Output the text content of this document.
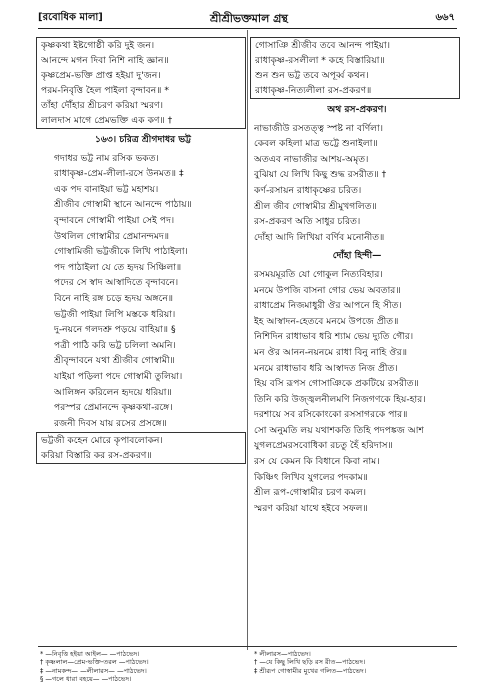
[রবোধিক মালা]	শ্রীশ্রীভক্তমাল গ্রন্থ	৬৬৭
কৃষ্ণকথা ইষ্টগোষ্ঠী করি দুই জন।
আনন্দে মগন দিবা নিশি নাহি জ্ঞান॥
কৃষ্ণপ্রেম-ভক্তি প্রাপ্ত হইয়া দু'জন।
পরম-নিবৃত্তি হৈল পাইলা বৃন্দাবন॥ *
তাঁহা দৌঁহার শ্রীচরণ করিয়া স্মরণ।
লালদাস মাগে প্রেমভক্তি এক কণ॥ †
১৬৩। চরিত্র শ্রীগদাধর ভট্ট
গদাধর ভট্ট নাম রসিক ভকত।
রাধাকৃষ্ণ-প্রেম-লীলা-রসে উনমত॥ ‡
এক পদ বানাইয়া ভট্ট মহাশয়।
শ্রীজীব গোস্বামী স্থানে আনন্দে পাঠায়॥
বৃন্দাবনে গোস্বামী পাইয়া সেই পদ।
উথলিল গোস্বামীর প্রেমানন্দমদ॥
গোস্বামিজী ভট্টজীকে লিখি পাঠাইলা।
পদ পাঠাইলা যে তে হৃদয় সিঞ্চিলা॥
পদের সে স্বাদ আস্বাদিতে বৃন্দাবনে।
বিনে নাহি রঙ্গ চড়ে হৃদয় অঙ্গনে॥
ভট্টজী পাইয়া লিপি মস্তকে ধরিয়া।
দু-নয়নে গলদশ্রু পড়য়ে বাহিয়া॥ §
পত্রী পাঠি করি ভট্ট চলিলা অমনি।
শ্রীবৃন্দাবনে যথা শ্রীজীব গোস্বামী॥
যাইয়া পড়িলা পদে গোস্বামী তুলিয়া।
আলিঙ্গন করিলেন হৃদয়ে ধরিয়া॥
পরস্পর প্রেমানন্দে কৃষ্ণকথা-রঙ্গে।
রজনী দিবস যায় রসের প্রসঙ্গে॥
ভট্টজী কহেন মোরে কৃপাবলোকন।
করিয়া বিস্তারি কর রস-প্রকরণ॥
গোসাঞি শ্রীজীব তবে আনন্দ পাইয়া।
রাধাকৃষ্ণ-রসলীলা * কহে বিস্তারিয়া॥
শুন শুন ভট্ট তবে অপূর্ব্ব কথন।
রাধাকৃষ্ণ-নিত্যলীলা রস-প্রকরণ॥
অথ রস-প্রকরণ।
নাভাজীউ রসতত্ত্ব স্পষ্ট না বর্ণিলা।
কেবল কহিলা মাত্র ভট্টে শুনাইলা॥
অতএব নাভাজীর আশয়-অমৃত।
বুঝিয়া যে লিখি কিছু শুদ্ধ রসরীত॥ †
কর্ণ-রসায়ন রাধাকৃষ্ণের চরিত।
শ্রীল জীব গোস্বামীর শ্রীমুখগলিত॥
রস-প্রকরণ অতি সাধুর চরিত।
দোঁহা আদি লিখিয়া বর্ণিব মনোনীত॥
দোঁহা হিন্দী—
রসময়মূরতি যো গোকুল নিত্যবিহার।
মনমে উপজি বাসনা গোর ভেয় অবতার॥
রাধাপ্রেম নিজমাধুরী ঔর আপনে হি সীত।
ইহ আস্বাদন-হেতবে মনমে উপজে প্রীত॥
নিশিদিন রাধাভাব ধরি শ্যাম ভেয় দ্যুতি গৌর।
মন ঔর আনন-নয়নমে রাধা বিনু নাহি ঔর॥
মনমে রাধাভাব ধরি আস্বাদত নিজ প্রীত।
হিয় বসি রূপস গোসাঞিকে প্রকটিয়ে রসরীত॥
তিনি করি উজ্জ্বলনীলমণি নিজগণকে হিয়-হার।
দরশায়ে সব রসিকোংকো রসসাগরকে পার॥
সো অনুমতি লয় যথাশকতি তিহি পদপঙ্কজ আশ
যুগলপ্রেমরসবোধিকা রচতু হৈঁ হরিদাস॥
রস যে কেমন কি বিধানে কিবা নাম।
কিঞ্চিৎ লিখিব যুগলের পদকাম॥
শ্রীল রূপ-গোস্বামীর চরণ কমল।
স্মরণ করিয়া যাথে হইবে সফল॥
* —নিবৃত্তি হইয়া আইল— —পাঠভেদ।
† কৃষ্ণলাল—প্রেম-ভক্তি-তরল —পাঠভেদ।
‡ —নামকন্দ— —লীলারস— —পাঠভেদ।
§ —গলে ধারা বহয়ে— —পাঠভেদ।
* লীলারস—পাঠভেদ।
† —যে কিছু লিখি ছড়ি রস রীত—পাঠভেদ।
‡ শ্রীরূপ গোস্বামীর মুখের গলিত—পাঠভেদ।
